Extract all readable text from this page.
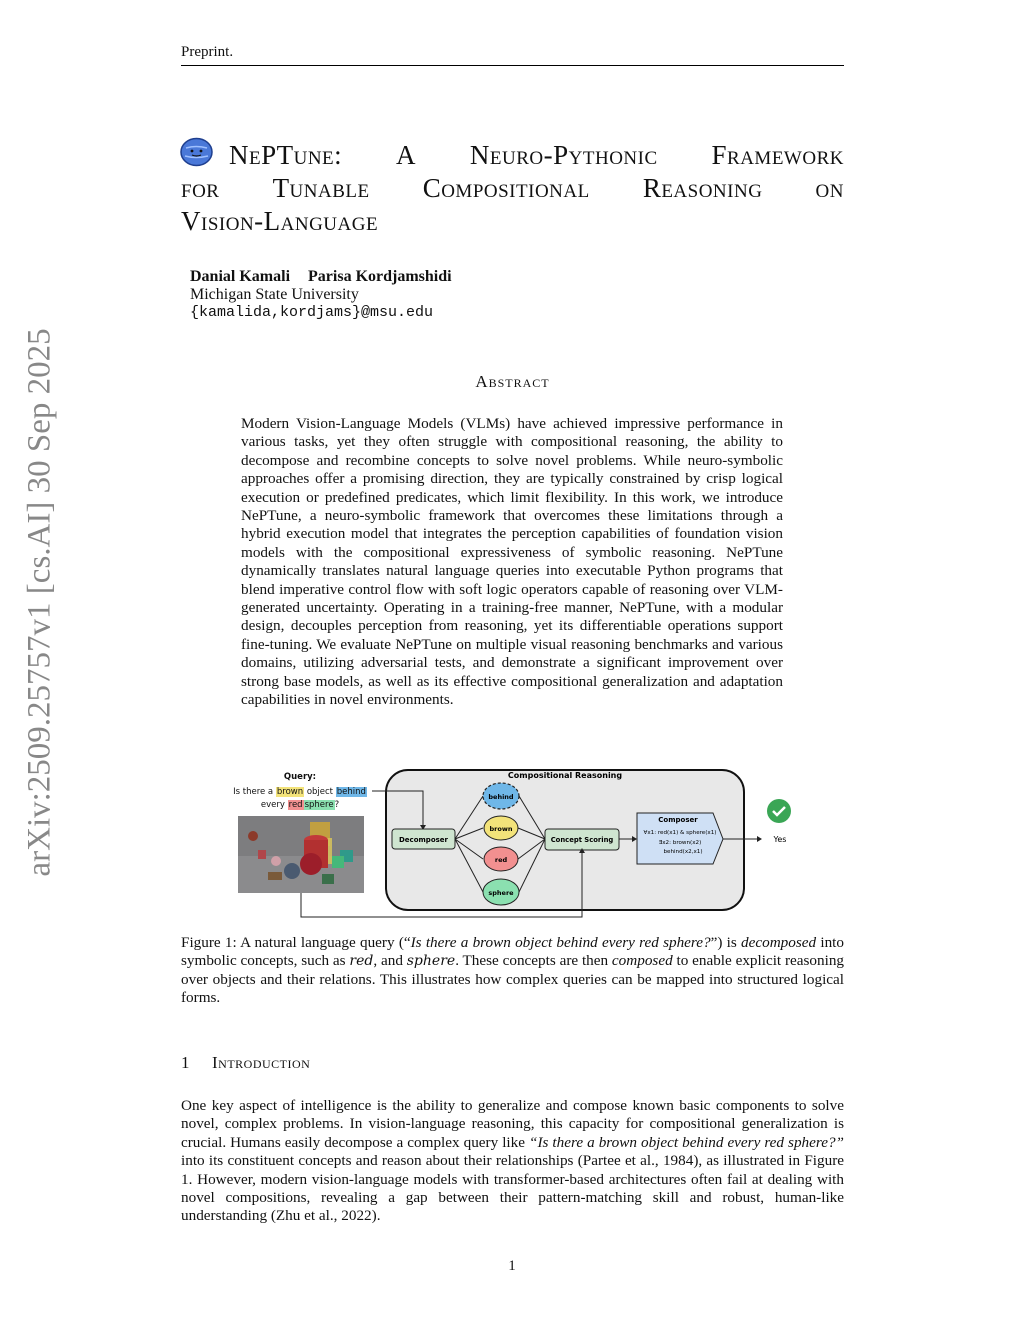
arXiv:2509.25757v1 [cs.AI] 30 Sep 2025
Preprint.
NePTune: A Neuro-Pythonic Framework
for Tunable Compositional Reasoning on
Vision-Language
Danial Kamali Parisa Kordjamshidi
Michigan State University
{kamalida,kordjams}@msu.edu
Abstract
Modern Vision-Language Models (VLMs) have achieved impressive performance in various tasks, yet they often struggle with compositional reasoning, the ability to decompose and recombine concepts to solve novel problems. While neuro-symbolic approaches offer a promising direction, they are typically constrained by crisp logical execution or predefined predicates, which limit flexibility. In this work, we introduce NePTune, a neuro-symbolic framework that overcomes these limitations through a hybrid execution model that integrates the perception capabilities of foundation vision models with the compositional expressiveness of symbolic reasoning. NePTune dynamically translates natural language queries into executable Python programs that blend imperative control flow with soft logic operators capable of reasoning over VLM-generated uncertainty. Operating in a training-free manner, NePTune, with a modular design, decouples perception from reasoning, yet its differentiable operations support fine-tuning. We evaluate NePTune on multiple visual reasoning benchmarks and various domains, utilizing adversarial tests, and demonstrate a significant improvement over strong base models, as well as its effective compositional generalization and adaptation capabilities in novel environments.
Query:
Is there a brown object behind
every red sphere?
Compositional Reasoning
Decomposer
behind
brown
red
sphere
Concept Scoring
Composer
∀x1: red(x1) & sphere(x1)
∃x2: brown(x2)
behind(x2,x1)
Yes
Figure 1: A natural language query (“Is there a brown object behind every red sphere?”) is decomposed into symbolic concepts, such as red, and sphere. These concepts are then composed to enable explicit reasoning over objects and their relations. This illustrates how complex queries can be mapped into structured logical forms.
1 Introduction
One key aspect of intelligence is the ability to generalize and compose known basic components to solve novel, complex problems. In vision-language reasoning, this capacity for compositional generalization is crucial. Humans easily decompose a complex query like “Is there a brown object behind every red sphere?” into its constituent concepts and reason about their relationships (Partee et al., 1984), as illustrated in Figure 1. However, modern vision-language models with transformer-based architectures often fail at dealing with novel compositions, revealing a gap between their pattern-matching skill and robust, human-like understanding (Zhu et al., 2022).
1
